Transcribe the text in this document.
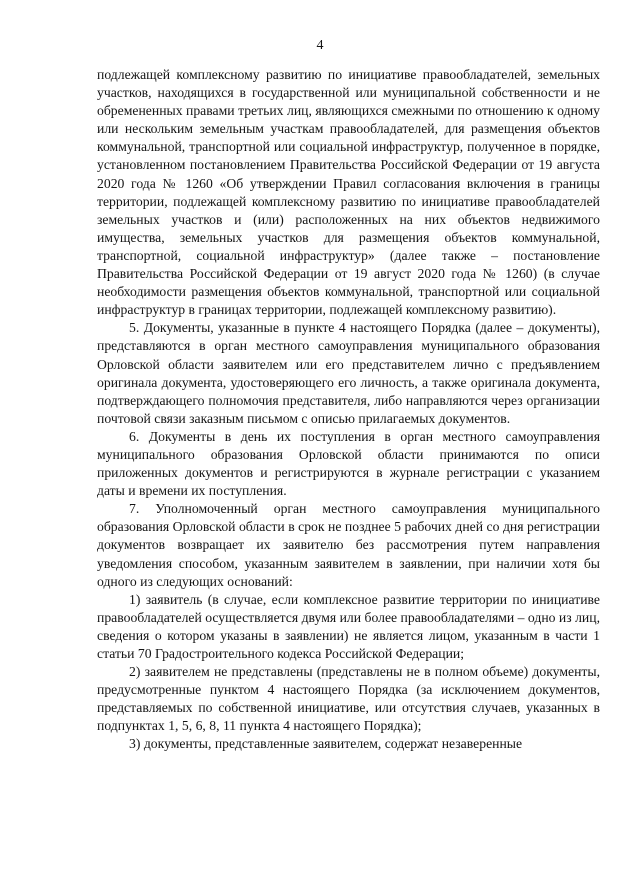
4

подлежащей комплексному развитию по инициативе правообладателей, земельных участков, находящихся в государственной или муниципальной собственности и не обремененных правами третьих лиц, являющихся смежными по отношению к одному или нескольким земельным участкам правообладателей, для размещения объектов коммунальной, транспортной или социальной инфраструктур, полученное в порядке, установленном постановлением Правительства Российской Федерации от 19 августа 2020 года № 1260 «Об утверждении Правил согласования включения в границы территории, подлежащей комплексному развитию по инициативе правообладателей земельных участков и (или) расположенных на них объектов недвижимого имущества, земельных участков для размещения объектов коммунальной, транспортной, социальной инфраструктур» (далее также – постановление Правительства Российской Федерации от 19 август 2020 года № 1260) (в случае необходимости размещения объектов коммунальной, транспортной или социальной инфраструктур в границах территории, подлежащей комплексному развитию).

5. Документы, указанные в пункте 4 настоящего Порядка (далее – документы), представляются в орган местного самоуправления муниципального образования Орловской области заявителем или его представителем лично с предъявлением оригинала документа, удостоверяющего его личность, а также оригинала документа, подтверждающего полномочия представителя, либо направляются через организации почтовой связи заказным письмом с описью прилагаемых документов.

6. Документы в день их поступления в орган местного самоуправления муниципального образования Орловской области принимаются по описи приложенных документов и регистрируются в журнале регистрации с указанием даты и времени их поступления.

7. Уполномоченный орган местного самоуправления муниципального образования Орловской области в срок не позднее 5 рабочих дней со дня регистрации документов возвращает их заявителю без рассмотрения путем направления уведомления способом, указанным заявителем в заявлении, при наличии хотя бы одного из следующих оснований:

1) заявитель (в случае, если комплексное развитие территории по инициативе правообладателей осуществляется двумя или более правообладателями – одно из лиц, сведения о котором указаны в заявлении) не является лицом, указанным в части 1 статьи 70 Градостроительного кодекса Российской Федерации;

2) заявителем не представлены (представлены не в полном объеме) документы, предусмотренные пунктом 4 настоящего Порядка (за исключением документов, представляемых по собственной инициативе, или отсутствия случаев, указанных в подпунктах 1, 5, 6, 8, 11 пункта 4 настоящего Порядка);

3) документы, представленные заявителем, содержат незаверенные
